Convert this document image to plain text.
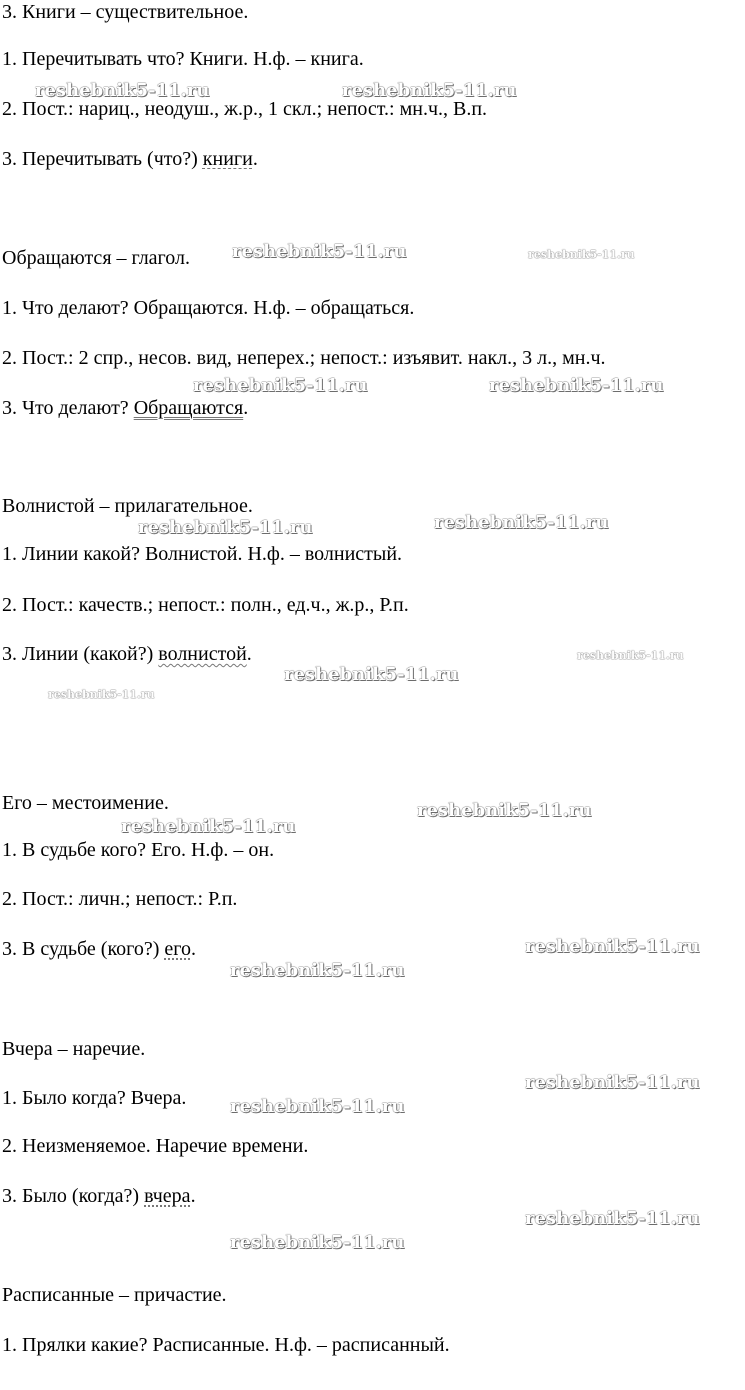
3. Книги – существительное.
1. Перечитывать что? Книги. Н.ф. – книга.
2. Пост.: нариц., неодуш., ж.р., 1 скл.; непост.: мн.ч., В.п.
3. Перечитывать (что?) книги.
Обращаются – глагол.
1. Что делают? Обращаются. Н.ф. – обращаться.
2. Пост.: 2 спр., несов. вид, неперех.; непост.: изъявит. накл., 3 л., мн.ч.
3. Что делают? Обращаются.
Волнистой – прилагательное.
1. Линии какой? Волнистой. Н.ф. – волнистый.
2. Пост.: качеств.; непост.: полн., ед.ч., ж.р., Р.п.
3. Линии (какой?) волнистой.
Его – местоимение.
1. В судьбе кого? Его. Н.ф. – он.
2. Пост.: личн.; непост.: Р.п.
3. В судьбе (кого?) его.
Вчера – наречие.
1. Было когда? Вчера.
2. Неизменяемое. Наречие времени.
3. Было (когда?) вчера.
Расписанные – причастие.
1. Прялки какие? Расписанные. Н.ф. – расписанный.
reshebnik5-11.ru	reshebnik5-11.ru
reshebnik5-11.ru	reshebnik5-11.ru
reshebnik5-11.ru	reshebnik5-11.ru
reshebnik5-11.ru	reshebnik5-11.ru
reshebnik5-11.ru
reshebnik5-11.ru
reshebnik5-11.ru
reshebnik5-11.ru
reshebnik5-11.ru
reshebnik5-11.ru
reshebnik5-11.ru
reshebnik5-11.ru
reshebnik5-11.ru
reshebnik5-11.ru
reshebnik5-11.ru
